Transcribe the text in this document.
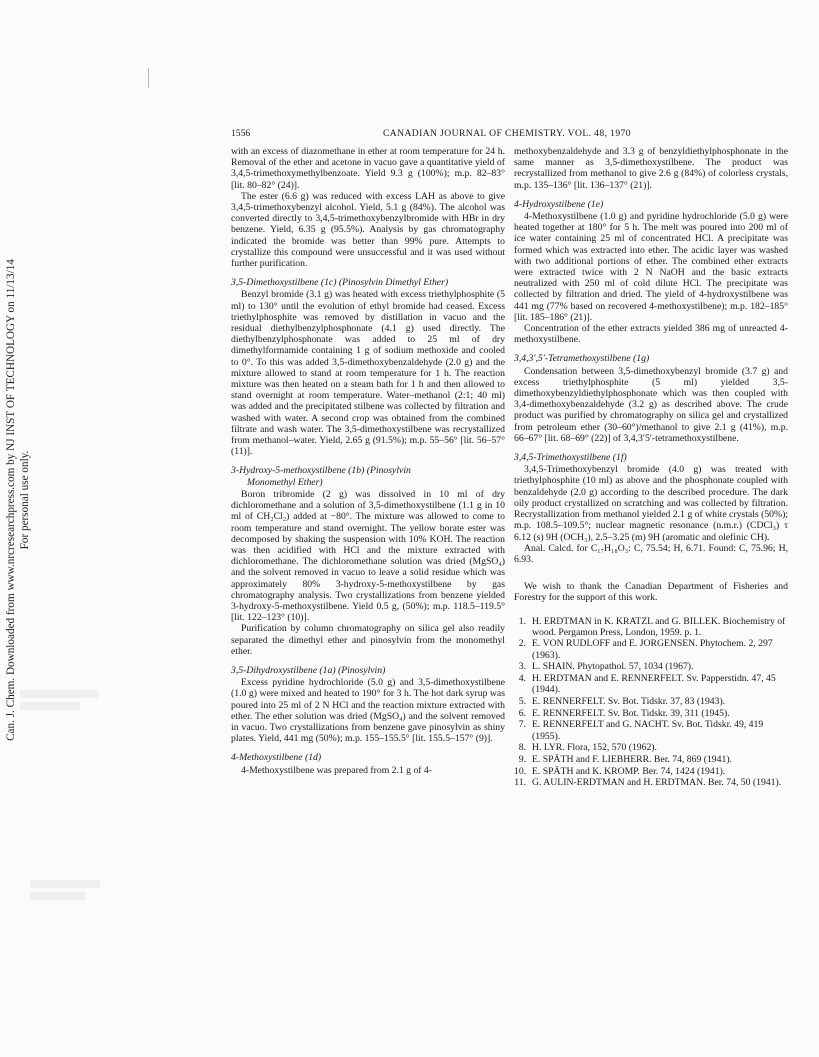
Can. J. Chem. Downloaded from www.nrcresearchpress.com by NJ INST OF TECHNOLOGY on 11/13/14 For personal use only.
1556	CANADIAN JOURNAL OF CHEMISTRY. VOL. 48, 1970

with an excess of diazomethane in ether at room temperature for 24 h. Removal of the ether and acetone in vacuo gave a quantitative yield of 3,4,5-trimethoxymethylbenzoate. Yield 9.3 g (100%); m.p. 82–83° [lit. 80–82° (24)].

The ester (6.6 g) was reduced with excess LAH as above to give 3,4,5-trimethoxybenzyl alcohol. Yield, 5.1 g (84%). The alcohol was converted directly to 3,4,5-trimethoxybenzylbromide with HBr in dry benzene. Yield, 6.35 g (95.5%). Analysis by gas chromatography indicated the bromide was better than 99% pure. Attempts to crystallize this compound were unsuccessful and it was used without further purification.

3,5-Dimethoxystilbene (1c) (Pinosylvin Dimethyl Ether)

Benzyl bromide (3.1 g) was heated with excess triethylphosphite (5 ml) to 130° until the evolution of ethyl bromide had ceased. Excess triethylphosphite was removed by distillation in vacuo and the residual diethylbenzylphosphonate (4.1 g) used directly. The diethylbenzylphosphonate was added to 25 ml of dry dimethylformamide containing 1 g of sodium methoxide and cooled to 0°. To this was added 3,5-dimethoxybenzaldehyde (2.0 g) and the mixture allowed to stand at room temperature for 1 h. The reaction mixture was then heated on a steam bath for 1 h and then allowed to stand overnight at room temperature. Water–methanol (2:1; 40 ml) was added and the precipitated stilbene was collected by filtration and washed with water. A second crop was obtained from the combined filtrate and wash water. The 3,5-dimethoxystilbene was recrystallized from methanol–water. Yield, 2.65 g (91.5%); m.p. 55–56° [lit. 56–57° (11)].

3-Hydroxy-5-methoxystilbene (1b) (Pinosylvin
Monomethyl Ether)

Boron tribromide (2 g) was dissolved in 10 ml of dry dichloromethane and a solution of 3,5-dimethoxystilbene (1.1 g in 10 ml of CH₂Cl₂) added at −80°. The mixture was allowed to come to room temperature and stand overnight. The yellow borate ester was decomposed by shaking the suspension with 10% KOH. The reaction was then acidified with HCl and the mixture extracted with dichloromethane. The dichloromethane solution was dried (MgSO₄) and the solvent removed in vacuo to leave a solid residue which was approximately 80% 3-hydroxy-5-methoxystilbene by gas chromatography analysis. Two crystallizations from benzene yielded 3-hydroxy-5-methoxystilbene. Yield 0.5 g, (50%); m.p. 118.5–119.5° [lit. 122–123° (10)].

Purification by column chromatography on silica gel also readily separated the dimethyl ether and pinosylvin from the monomethyl ether.

3,5-Dihydroxystilbene (1a) (Pinosylvin)

Excess pyridine hydrochloride (5.0 g) and 3,5-dimethoxystilbene (1.0 g) were mixed and heated to 190° for 3 h. The hot dark syrup was poured into 25 ml of 2 N HCl and the reaction mixture extracted with ether. The ether solution was dried (MgSO₄) and the solvent removed in vacuo. Two crystallizations from benzene gave pinosylvin as shiny plates. Yield, 441 mg (50%); m.p. 155–155.5° [lit. 155.5–157° (9)].

4-Methoxystilbene (1d)

4-Methoxystilbene was prepared from 2.1 g of 4-

methoxybenzaldehyde and 3.3 g of benzyldiethylphosphonate in the same manner as 3,5-dimethoxystilbene. The product was recrystallized from methanol to give 2.6 g (84%) of colorless crystals, m.p. 135–136° [lit. 136–137° (21)].

4-Hydroxystilbene (1e)

4-Methoxystilbene (1.0 g) and pyridine hydrochloride (5.0 g) were heated together at 180° for 5 h. The melt was poured into 200 ml of ice water containing 25 ml of concentrated HCl. A precipitate was formed which was extracted into ether. The acidic layer was washed with two additional portions of ether. The combined ether extracts were extracted twice with 2 N NaOH and the basic extracts neutralized with 250 ml of cold dilute HCl. The precipitate was collected by filtration and dried. The yield of 4-hydroxystilbene was 441 mg (77% based on recovered 4-methoxystilbene); m.p. 182–185° [lit. 185–186° (21)].

Concentration of the ether extracts yielded 386 mg of unreacted 4-methoxystilbene.

3,4,3′,5′-Tetramethoxystilbene (1g)

Condensation between 3,5-dimethoxybenzyl bromide (3.7 g) and excess triethylphosphite (5 ml) yielded 3,5-dimethoxybenzyldiethylphosphonate which was then coupled with 3,4-dimethoxybenzaldehyde (3.2 g) as described above. The crude product was purified by chromatography on silica gel and crystallized from petroleum ether (30–60°)/methanol to give 2.1 g (41%), m.p. 66–67° [lit. 68–69° (22)] of 3,4,3′5′-tetramethoxystilbene.

3,4,5-Trimethoxystilbene (1f)

3,4,5-Trimethoxybenzyl bromide (4.0 g) was treated with triethylphosphite (10 ml) as above and the phosphonate coupled with benzaldehyde (2.0 g) according to the described procedure. The dark oily product crystallized on scratching and was collected by filtration. Recrystallization from methanol yielded 2.1 g of white crystals (50%); m.p. 108.5–109.5°; nuclear magnetic resonance (n.m.r.) (CDCl₃) τ 6.12 (s) 9H (OCH₃), 2.5–3.25 (m) 9H (aromatic and olefinic CH).

Anal. Calcd. for C₁₇H₁₈O₃: C, 75.54; H, 6.71. Found: C, 75.96; H, 6.93.

We wish to thank the Canadian Department of Fisheries and Forestry for the support of this work.

1. H. ERDTMAN in K. KRATZL and G. BILLEK. Biochemistry of wood. Pergamon Press, London, 1959. p. 1.
2. E. VON RUDLOFF and E. JORGENSEN. Phytochem. 2, 297 (1963).
3. L. SHAIN. Phytopathol. 57, 1034 (1967).
4. H. ERDTMAN and E. RENNERFELT. Sv. Papperstidn. 47, 45 (1944).
5. E. RENNERFELT. Sv. Bot. Tidskr. 37, 83 (1943).
6. E. RENNERFELT. Sv. Bot. Tidskr. 39, 311 (1945).
7. E. RENNERFELT and G. NACHT. Sv. Bot. Tidskr. 49, 419 (1955).
8. H. LYR. Flora, 152, 570 (1962).
9. E. SPÄTH and F. LIEBHERR. Ber. 74, 869 (1941).
10. E. SPÄTH and K. KROMP. Ber. 74, 1424 (1941).
11. G. AULIN-ERDTMAN and H. ERDTMAN. Ber. 74, 50 (1941).
